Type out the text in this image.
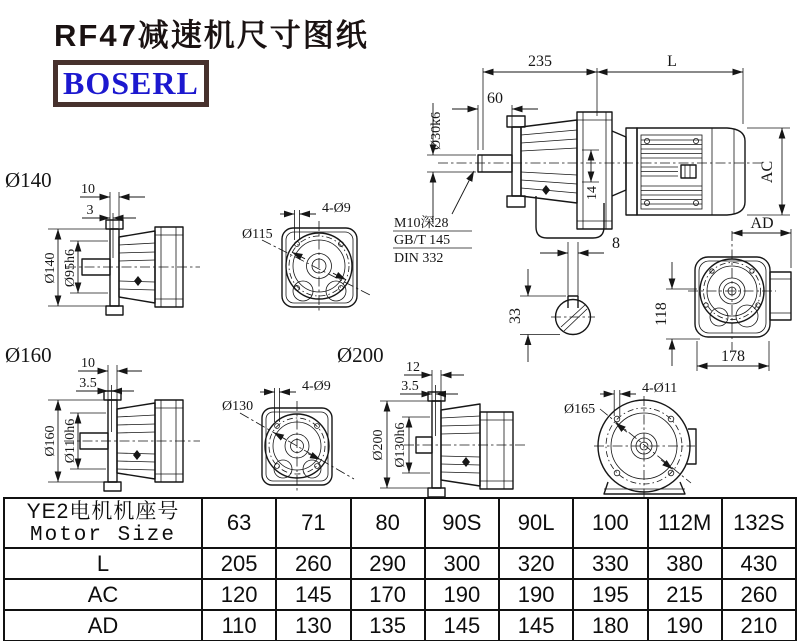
RF47减速机尺寸图纸
BOSERL
Ø140 10
3
Ø140 Ø95h6
Ø115
4-Ø9
235	L
60
Ø30k6
14
AC
M10深28
GB/T 145
DIN 332
8
33
AD
118
178
Ø160 10
3.5
Ø160 Ø110h6
Ø130
4-Ø9
Ø200
12
3.5
Ø200 Ø130h6
Ø165
4-Ø11
YE2电机机座号
Motor Size	63	71	80	90S	90L	100	112M	132S
L	205	260	290	300	320	330	380	430
AC	120	145	170	190	190	195	215	260
AD	110	130	135	145	145	180	190	210
